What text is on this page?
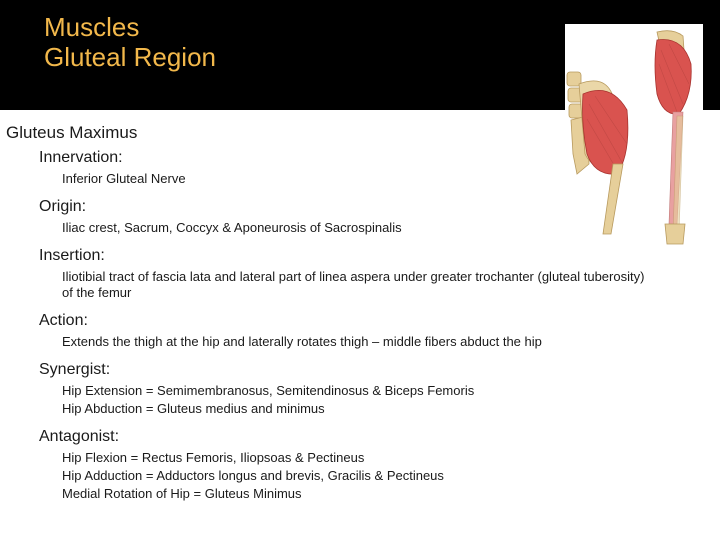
Muscles
Gluteal Region
Gluteus Maximus
Innervation:
Inferior Gluteal Nerve
Origin:
Iliac crest, Sacrum, Coccyx & Aponeurosis of Sacrospinalis
Insertion:
Iliotibial tract of fascia lata and lateral part of linea aspera under greater trochanter (gluteal tuberosity) of the femur
Action:
Extends the thigh at the hip and laterally rotates thigh – middle fibers abduct the hip
Synergist:
Hip Extension = Semimembranosus, Semitendinosus & Biceps Femoris
Hip Abduction = Gluteus medius and minimus
Antagonist:
Hip Flexion = Rectus Femoris, Iliopsoas & Pectineus
Hip Adduction = Adductors longus and brevis, Gracilis & Pectineus
Medial Rotation of Hip = Gluteus Minimus
